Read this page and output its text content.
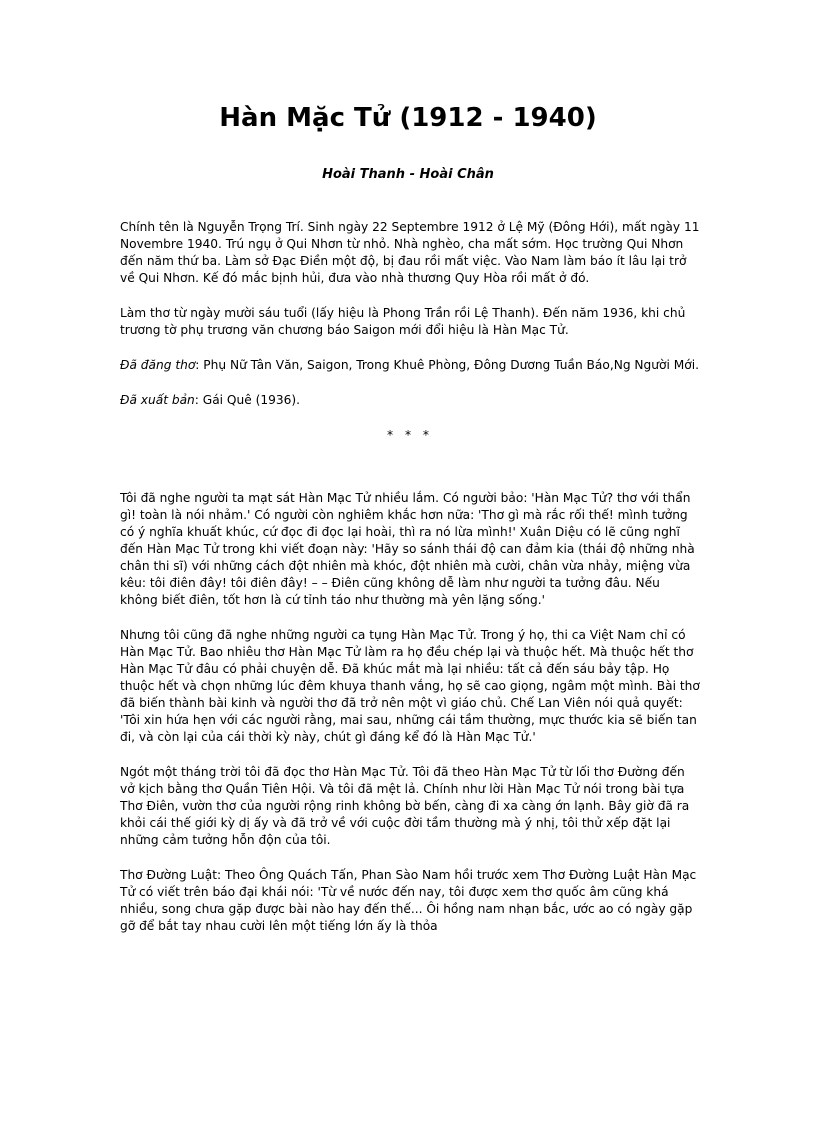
Hàn Mặc Tử (1912 - 1940)
Hoài Thanh - Hoài Chân

Chính tên là Nguyễn Trọng Trí. Sinh ngày 22 Septembre 1912 ở Lệ Mỹ (Đông Hới), mất ngày 11 Novembre 1940. Trú ngụ ở Qui Nhơn từ nhỏ. Nhà nghèo, cha mất sớm. Học trường Qui Nhơn đến năm thứ ba. Làm sở Đạc Điền một độ, bị đau rồi mất việc. Vào Nam làm báo ít lâu lại trở về Qui Nhơn. Kế đó mắc bịnh hủi, đưa vào nhà thương Quy Hòa rồi mất ở đó.

Làm thơ từ ngày mười sáu tuổi (lấy hiệu là Phong Trần rồi Lệ Thanh). Đến năm 1936, khi chủ trương tờ phụ trương văn chương báo Saigon mới đổi hiệu là Hàn Mạc Tử.

Đã đăng thơ: Phụ Nữ Tân Văn, Saigon, Trong Khuê Phòng, Đông Dương Tuần Báo,Ng Người Mới.

Đã xuất bản: Gái Quê (1936).

* * *

Tôi đã nghe người ta mạt sát Hàn Mạc Tử nhiều lắm. Có người bảo: 'Hàn Mạc Tử? thơ với thẩn gì! toàn là nói nhảm.' Có người còn nghiêm khắc hơn nữa: 'Thơ gì mà rắc rối thế! mình tưởng có ý nghĩa khuất khúc, cứ đọc đi đọc lại hoài, thì ra nó lừa mình!' Xuân Diệu có lẽ cũng nghĩ đến Hàn Mạc Tử trong khi viết đoạn này: 'Hãy so sánh thái độ can đảm kia (thái độ những nhà chân thi sĩ) với những cách đột nhiên mà khóc, đột nhiên mà cười, chân vừa nhảy, miệng vừa kêu: tôi điên đây! tôi điên đây! – – Điên cũng không dễ làm như người ta tưởng đâu. Nếu không biết điên, tốt hơn là cứ tỉnh táo như thường mà yên lặng sống.'

Nhưng tôi cũng đã nghe những người ca tụng Hàn Mạc Tử. Trong ý họ, thi ca Việt Nam chỉ có Hàn Mạc Tử. Bao nhiêu thơ Hàn Mạc Tử làm ra họ đều chép lại và thuộc hết. Mà thuộc hết thơ Hàn Mạc Tử đâu có phải chuyện dễ. Đã khúc mắt mà lại nhiều: tất cả đến sáu bảy tập. Họ thuộc hết và chọn những lúc đêm khuya thanh vắng, họ sẽ cao giọng, ngâm một mình. Bài thơ đã biến thành bài kinh và người thơ đã trở nên một vì giáo chủ. Chế Lan Viên nói quả quyết: 'Tôi xin hứa hẹn với các người rằng, mai sau, những cái tầm thường, mực thước kia sẽ biến tan đi, và còn lại của cái thời kỳ này, chút gì đáng kể đó là Hàn Mạc Tử.'

Ngót một tháng trời tôi đã đọc thơ Hàn Mạc Tử. Tôi đã theo Hàn Mạc Tử từ lối thơ Đường đến vở kịch bằng thơ Quần Tiên Hội. Và tôi đã mệt lả. Chính như lời Hàn Mạc Tử nói trong bài tựa Thơ Điên, vườn thơ của người rộng rinh không bờ bến, càng đi xa càng ớn lạnh. Bây giờ đã ra khỏi cái thế giới kỳ dị ấy và đã trở về với cuộc đời tầm thường mà ý nhị, tôi thử xếp đặt lại những cảm tưởng hỗn độn của tôi.

Thơ Đường Luật: Theo Ông Quách Tấn, Phan Sào Nam hồi trước xem Thơ Đường Luật Hàn Mạc Tử có viết trên báo đại khái nói: 'Từ về nước đến nay, tôi được xem thơ quốc âm cũng khá nhiều, song chưa gặp được bài nào hay đến thế... Ôi hồng nam nhạn bắc, ước ao có ngày gặp gỡ để bắt tay nhau cười lên một tiếng lớn ấy là thỏa
